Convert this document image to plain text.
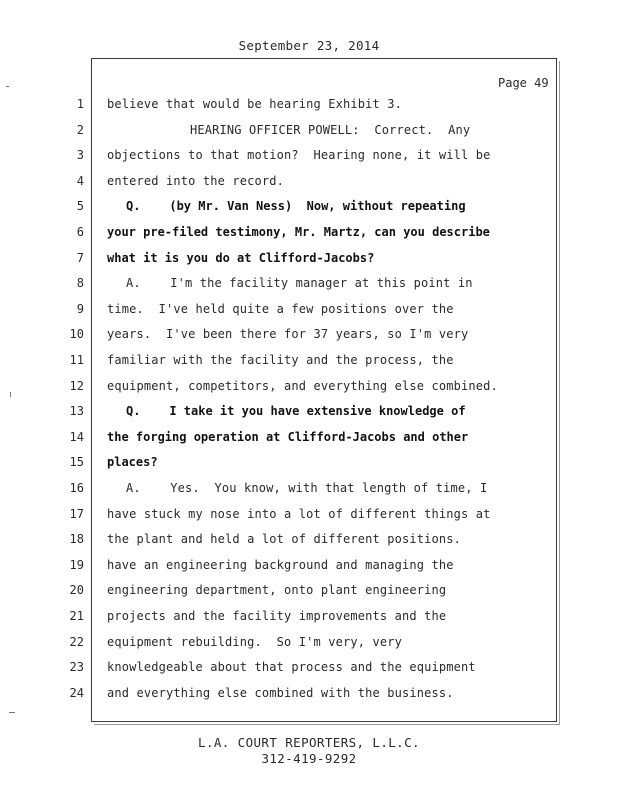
September 23, 2014
Page 49
1 believe that would be hearing Exhibit 3.
2	HEARING OFFICER POWELL:  Correct.  Any
3 objections to that motion?  Hearing none, it will be
4 entered into the record.
5	Q.    (by Mr. Van Ness)  Now, without repeating
6 your pre-filed testimony, Mr. Martz, can you describe
7 what it is you do at Clifford-Jacobs?
8	A.    I'm the facility manager at this point in
9 time.  I've held quite a few positions over the
10 years.  I've been there for 37 years, so I'm very
11 familiar with the facility and the process, the
12 equipment, competitors, and everything else combined.
13	Q.    I take it you have extensive knowledge of
14 the forging operation at Clifford-Jacobs and other
15 places?
16	A.    Yes.  You know, with that length of time, I
17 have stuck my nose into a lot of different things at
18 the plant and held a lot of different positions.
19 have an engineering background and managing the
20 engineering department, onto plant engineering
21 projects and the facility improvements and the
22 equipment rebuilding.  So I'm very, very
23 knowledgeable about that process and the equipment
24 and everything else combined with the business.
L.A. COURT REPORTERS, L.L.C.
312-419-9292
